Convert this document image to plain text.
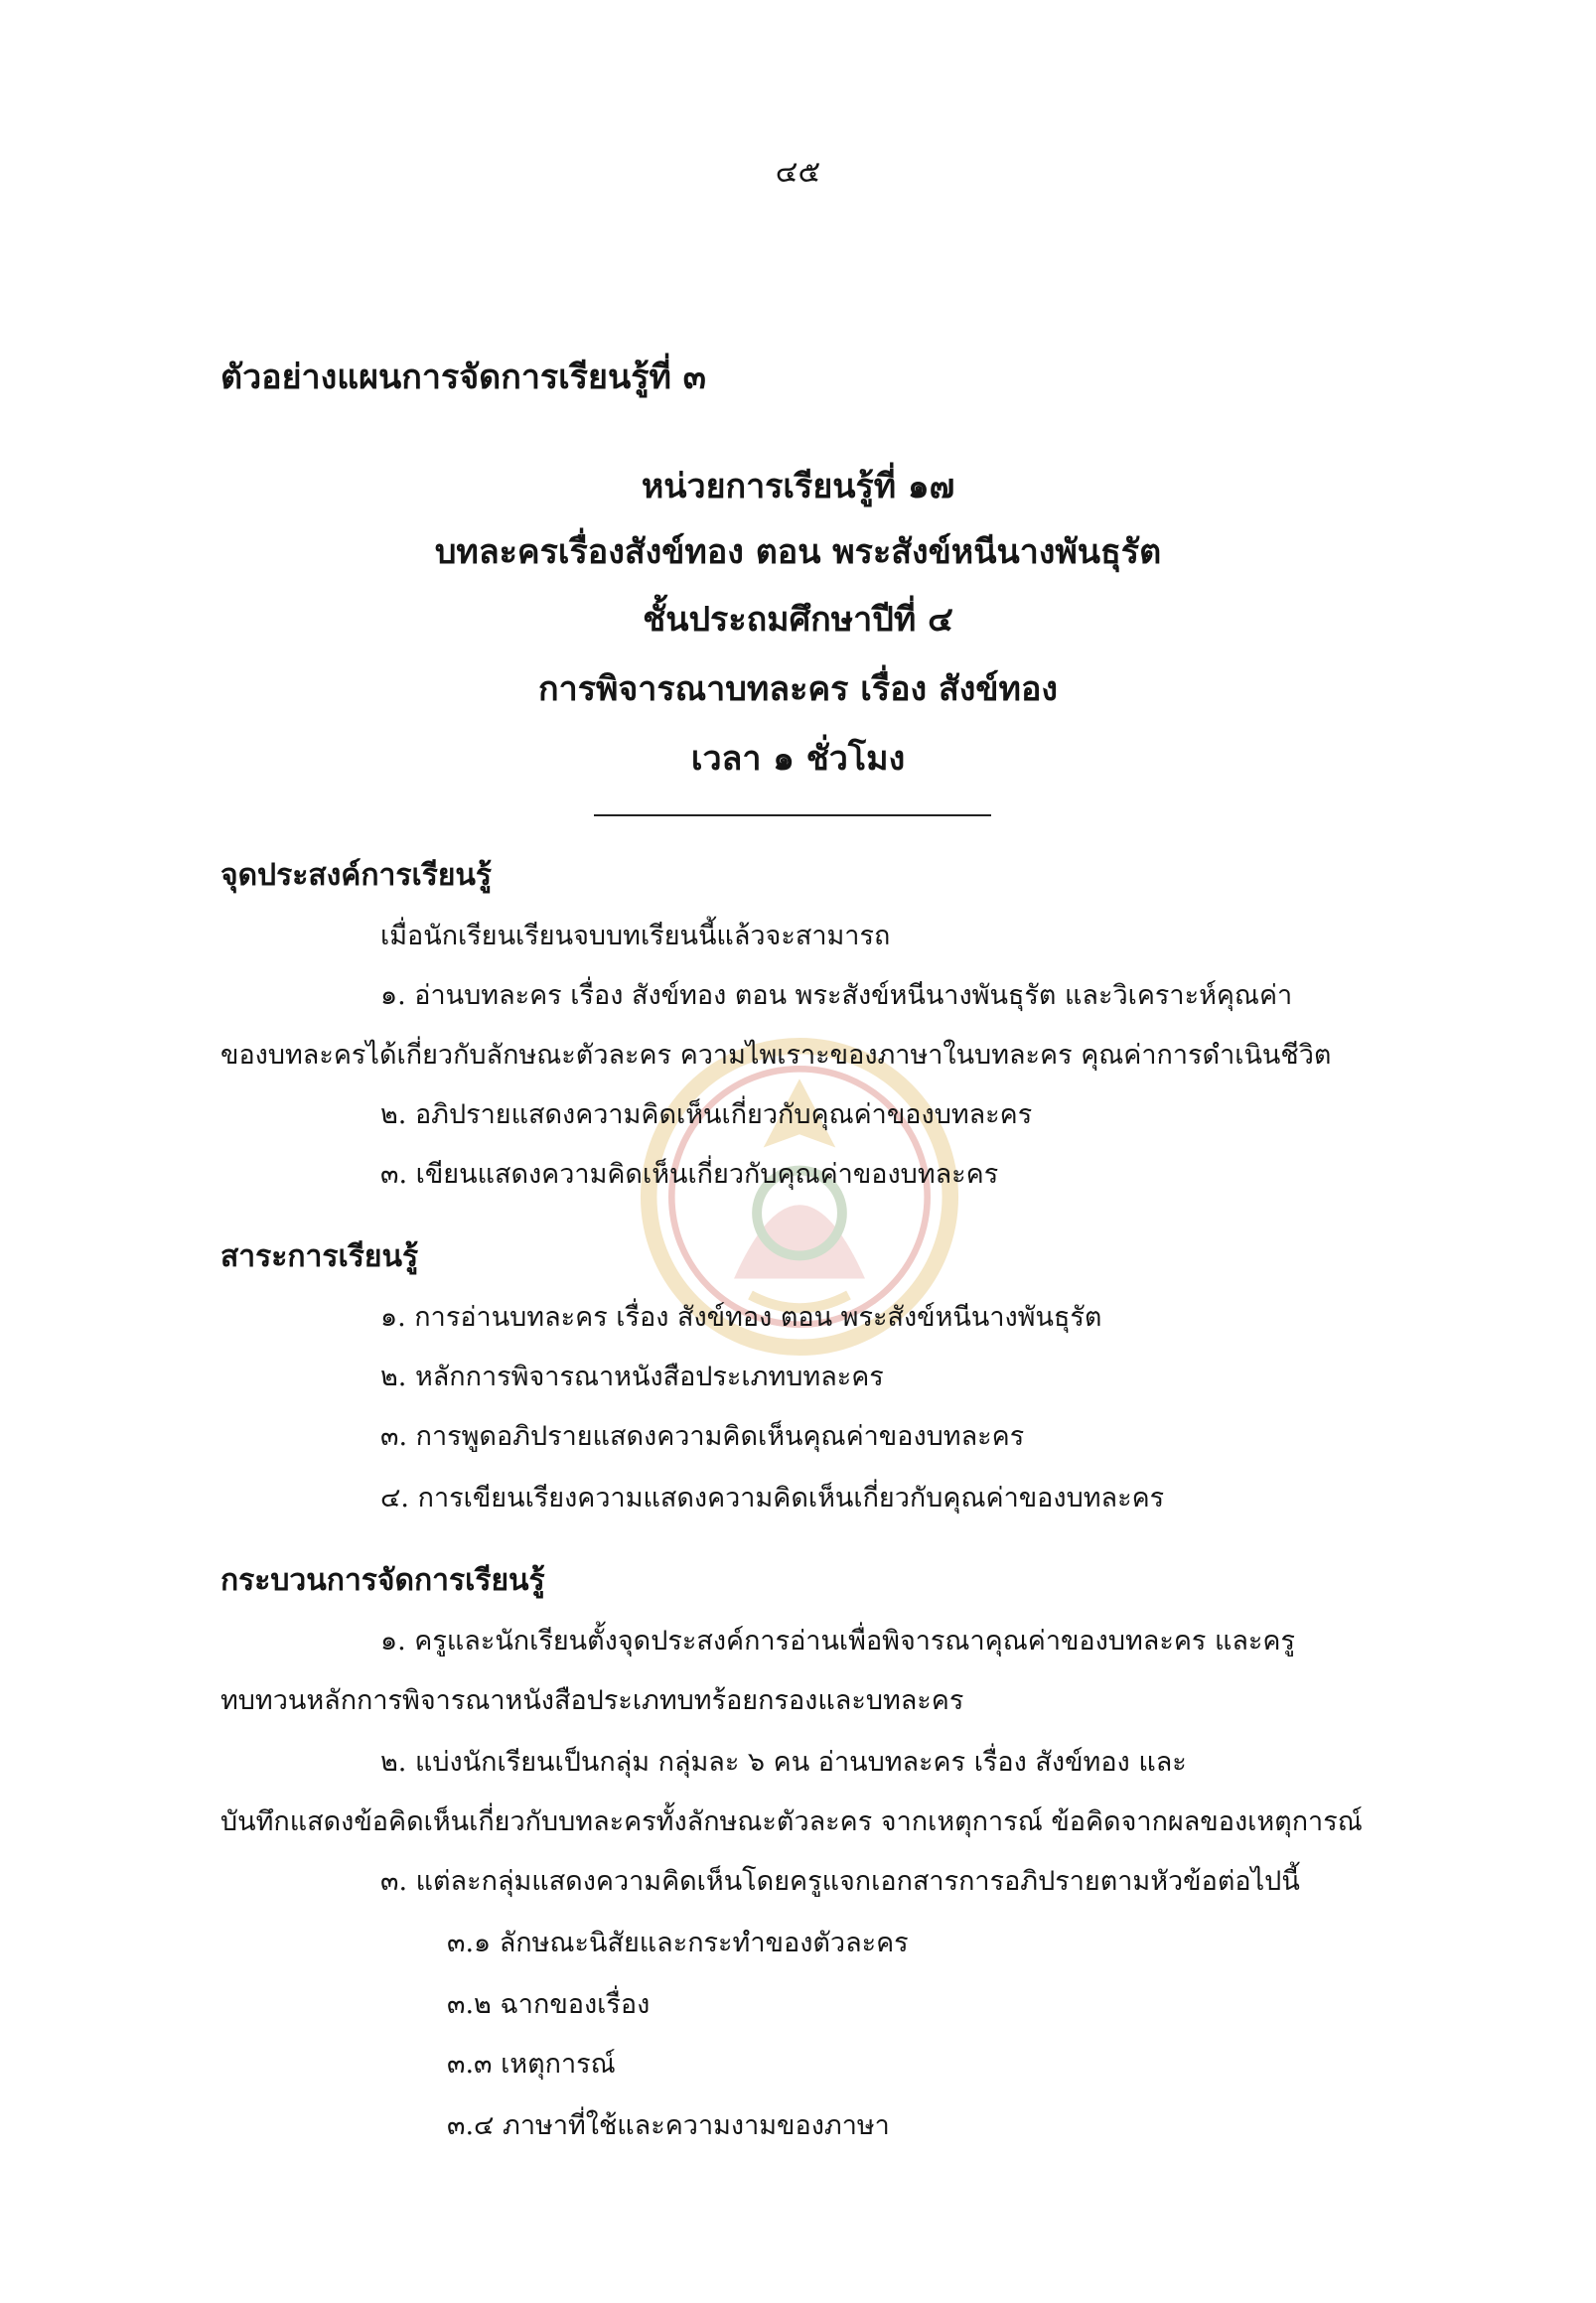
๔๕
ตัวอย่างแผนการจัดการเรียนรู้ที่ ๓
หน่วยการเรียนรู้ที่ ๑๗
บทละครเรื่องสังข์ทอง ตอน พระสังข์หนีนางพันธุรัต
ชั้นประถมศึกษาปีที่ ๔
การพิจารณาบทละคร เรื่อง สังข์ทอง
เวลา ๑ ชั่วโมง
จุดประสงค์การเรียนรู้
เมื่อนักเรียนเรียนจบบทเรียนนี้แล้วจะสามารถ
๑. อ่านบทละคร เรื่อง สังข์ทอง ตอน พระสังข์หนีนางพันธุรัต และวิเคราะห์คุณค่า
ของบทละครได้เกี่ยวกับลักษณะตัวละคร ความไพเราะของภาษาในบทละคร คุณค่าการดำเนินชีวิต
๒. อภิปรายแสดงความคิดเห็นเกี่ยวกับคุณค่าของบทละคร
๓. เขียนแสดงความคิดเห็นเกี่ยวกับคุณค่าของบทละคร
สาระการเรียนรู้
๑. การอ่านบทละคร เรื่อง สังข์ทอง ตอน พระสังข์หนีนางพันธุรัต
๒. หลักการพิจารณาหนังสือประเภทบทละคร
๓. การพูดอภิปรายแสดงความคิดเห็นคุณค่าของบทละคร
๔. การเขียนเรียงความแสดงความคิดเห็นเกี่ยวกับคุณค่าของบทละคร
กระบวนการจัดการเรียนรู้
๑. ครูและนักเรียนตั้งจุดประสงค์การอ่านเพื่อพิจารณาคุณค่าของบทละคร และครู
ทบทวนหลักการพิจารณาหนังสือประเภทบทร้อยกรองและบทละคร
๒. แบ่งนักเรียนเป็นกลุ่ม กลุ่มละ ๖ คน อ่านบทละคร เรื่อง สังข์ทอง และ
บันทึกแสดงข้อคิดเห็นเกี่ยวกับบทละครทั้งลักษณะตัวละคร จากเหตุการณ์ ข้อคิดจากผลของเหตุการณ์
๓. แต่ละกลุ่มแสดงความคิดเห็นโดยครูแจกเอกสารการอภิปรายตามหัวข้อต่อไปนี้
๓.๑ ลักษณะนิสัยและกระทำของตัวละคร
๓.๒ ฉากของเรื่อง
๓.๓ เหตุการณ์
๓.๔ ภาษาที่ใช้และความงามของภาษา
